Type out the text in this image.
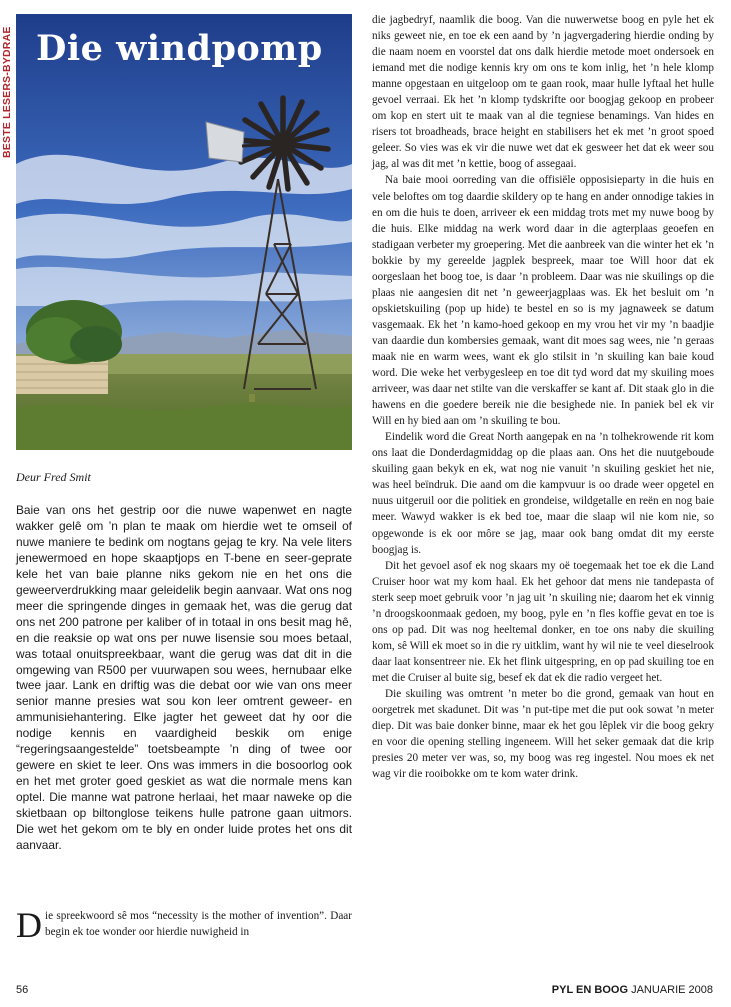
BESTE LESERS-BYDRAE Die windpomp
PHOTO: SA TOURISM

Deur Fred Smit

Baie van ons het gestrip oor die nuwe wapenwet en nagte wakker gelê om ’n plan te maak om hierdie wet te omseil of nuwe maniere te bedink om nogtans gejag te kry. Na vele liters jenewermoed en hope skaaptjops en T-bene en seer-geprate kele het van baie planne niks gekom nie en het ons die geweerverdrukking maar geleidelik begin aanvaar. Wat ons nog meer die springende dinges in gemaak het, was die gerug dat ons net 200 patrone per kaliber of in totaal in ons besit mag hê, en die reaksie op wat ons per nuwe lisensie sou moes betaal, was totaal onuitspreekbaar, want die gerug was dat dit in die omgewing van R500 per vuurwapen sou wees, hernubaar elke twee jaar. Lank en driftig was die debat oor wie van ons meer senior manne presies wat sou kon leer omtrent geweer- en ammunisiehantering. Elke jagter het geweet dat hy oor die nodige kennis en vaardigheid beskik om enige “regeringsaangestelde” toetsbeampte ’n ding of twee oor gewere en skiet te leer. Ons was immers in die bosoorlog ook en het met groter goed geskiet as wat die normale mens kan optel. Die manne wat patrone herlaai, het maar naweke op die skietbaan op biltonglose teikens hulle patrone gaan uitmors. Die wet het gekom om te bly en onder luide protes het ons dit aanvaar.

Die spreekwoord sê mos “necessity is the mother of invention”. Daar begin ek toe wonder oor hierdie nuwigheid in

die jagbedryf, naamlik die boog. Van die nuwerwetse boog en pyle het ek niks geweet nie, en toe ek een aand by ’n jagvergadering hierdie onding by die naam noem en voorstel dat ons dalk hierdie metode moet ondersoek en iemand met die nodige kennis kry om ons te kom inlig, het ’n hele klomp manne opgestaan en uitgeloop om te gaan rook, maar hulle lyftaal het hulle gevoel verraai. Ek het ’n klomp tydskrifte oor boogjag gekoop en probeer om kop en stert uit te maak van al die tegniese benamings. Van hides en risers tot broadheads, brace height en stabilisers het ek met ’n groot spoed geleer. So vies was ek vir die nuwe wet dat ek gesweer het dat ek weer sou jag, al was dit met ’n kettie, boog of assegaai.

Na baie mooi oorreding van die offisiële opposisieparty in die huis en vele beloftes om tog daardie skildery op te hang en ander onnodige takies in en om die huis te doen, arriveer ek een middag trots met my nuwe boog by die huis. Elke middag na werk word daar in die agterplaas geoefen en stadigaan verbeter my groepering. Met die aanbreek van die winter het ek ’n bokkie by my gereelde jagplek bespreek, maar toe Will hoor dat ek oorgeslaan het boog toe, is daar ’n probleem. Daar was nie skuilings op die plaas nie aangesien dit net ’n geweerjagplaas was. Ek het besluit om ’n opskietskuiling (pop up hide) te bestel en so is my jagnaweek se datum vasgemaak. Ek het ’n kamo-hoed gekoop en my vrou het vir my ’n baadjie van daardie dun kombersies gemaak, want dit moes sag wees, nie ’n geraas maak nie en warm wees, want ek glo stilsit in ’n skuiling kan baie koud word. Die weke het verbygesleep en toe dit tyd word dat my skuiling moes arriveer, was daar net stilte van die verskaffer se kant af. Dit staak glo in die hawens en die goedere bereik nie die besighede nie. In paniek bel ek vir Will en hy bied aan om ’n skuiling te bou.

Eindelik word die Great North aangepak en na ’n tolhekrowende rit kom ons laat die Donderdagmiddag op die plaas aan. Ons het die nuutgeboude skuiling gaan bekyk en ek, wat nog nie vanuit ’n skuiling geskiet het nie, was heel beïndruk. Die aand om die kampvuur is oo drade weer opgetel en nuus uitgeruil oor die politiek en grondeise, wildgetalle en reën en nog baie meer. Wawyd wakker is ek bed toe, maar die slaap wil nie kom nie, so opgewonde is ek oor môre se jag, maar ook bang omdat dit my eerste boogjag is.

Dit het gevoel asof ek nog skaars my oë toegemaak het toe ek die Land Cruiser hoor wat my kom haal. Ek het gehoor dat mens nie tandepasta of sterk seep moet gebruik voor ’n jag uit ’n skuiling nie; daarom het ek vinnig ’n droogskoonmaak gedoen, my boog, pyle en ’n fles koffie gevat en toe is ons op pad. Dit was nog heeltemal donker, en toe ons naby die skuiling kom, sê Will ek moet so in die ry uitklim, want hy wil nie te veel dieselrook daar laat konsentreer nie. Ek het flink uitgespring, en op pad skuiling toe en met die Cruiser al buite sig, besef ek dat ek die radio vergeet het.

Die skuiling was omtrent ’n meter bo die grond, gemaak van hout en oorgetrek met skadunet. Dit was ’n put-tipe met die put ook sowat ’n meter diep. Dit was baie donker binne, maar ek het gou lêplek vir die boog gekry en voor die opening stelling ingeneem. Will het seker gemaak dat die krip presies 20 meter ver was, so, my boog was reg ingestel. Nou moes ek net wag vir die rooibokke om te kom water drink.

56	PYL EN BOOG JANUARIE 2008
